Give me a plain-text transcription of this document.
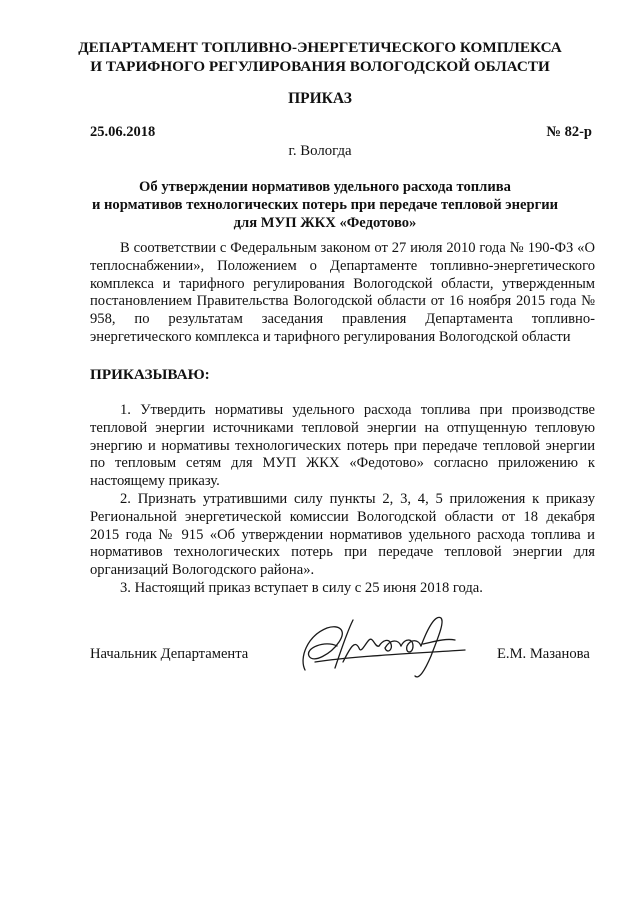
ДЕПАРТАМЕНТ ТОПЛИВНО-ЭНЕРГЕТИЧЕСКОГО КОМПЛЕКСА
И ТАРИФНОГО РЕГУЛИРОВАНИЯ ВОЛОГОДСКОЙ ОБЛАСТИ
ПРИКАЗ
25.06.2018	№ 82-р
г. Вологда
Об утверждении нормативов удельного расхода топлива
и нормативов технологических потерь при передаче тепловой энергии
для МУП ЖКХ «Федотово»
В соответствии с Федеральным законом от 27 июля 2010 года № 190-ФЗ «О теплоснабжении», Положением о Департаменте топливно-энергетического комплекса и тарифного регулирования Вологодской области, утвержденным постановлением Правительства Вологодской области от 16 ноября 2015 года № 958, по результатам заседания правления Департамента топливно-энергетического комплекса и тарифного регулирования Вологодской области
ПРИКАЗЫВАЮ:

1. Утвердить нормативы удельного расхода топлива при производстве тепловой энергии источниками тепловой энергии на отпущенную тепловую энергию и нормативы технологических потерь при передаче тепловой энергии по тепловым сетям для МУП ЖКХ «Федотово» согласно приложению к настоящему приказу.

2. Признать утратившими силу пункты 2, 3, 4, 5 приложения к приказу Региональной энергетической комиссии Вологодской области от 18 декабря 2015 года № 915 «Об утверждении нормативов удельного расхода топлива и нормативов технологических потерь при передаче тепловой энергии для организаций Вологодского района».

3. Настоящий приказ вступает в силу с 25 июня 2018 года.

Начальник Департамента	Е.М. Мазанова
